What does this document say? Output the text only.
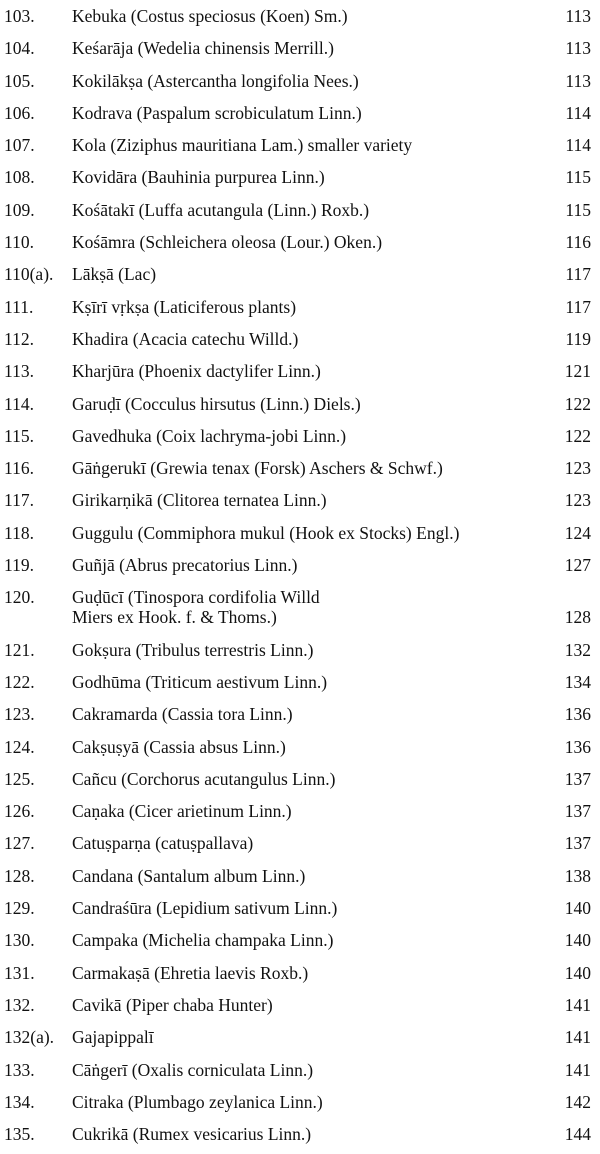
103. Kebuka (Costus speciosus (Koen) Sm.)	113
104. Keśarāja (Wedelia chinensis Merrill.)	113
105. Kokilākṣa (Astercantha longifolia Nees.)	113
106. Kodrava (Paspalum scrobiculatum Linn.)	114
107. Kola (Ziziphus mauritiana Lam.) smaller variety	114
108. Kovidāra (Bauhinia purpurea Linn.)	115
109. Kośātakī (Luffa acutangula (Linn.) Roxb.)	115
110. Kośāmra (Schleichera oleosa (Lour.) Oken.)	116
110(a). Lākṣā (Lac)	117
111. Kṣīrī vṛkṣa (Laticiferous plants)	117
112. Khadira (Acacia catechu Willd.)	119
113. Kharjūra (Phoenix dactylifer Linn.)	121
114. Garuḍī (Cocculus hirsutus (Linn.) Diels.)	122
115. Gavedhuka (Coix lachryma-jobi Linn.)	122
116. Gāṅgerukī (Grewia tenax (Forsk) Aschers & Schwf.)	123
117. Girikarṇikā (Clitorea ternatea Linn.)	123
118. Guggulu (Commiphora mukul (Hook ex Stocks) Engl.)	124
119. Guñjā (Abrus precatorius Linn.)	127
120. Guḍūcī (Tinospora cordifolia Willd
Miers ex Hook. f. & Thoms.)	128
121. Gokṣura (Tribulus terrestris Linn.)	132
122. Godhūma (Triticum aestivum Linn.)	134
123. Cakramarda (Cassia tora Linn.)	136
124. Cakṣuṣyā (Cassia absus Linn.)	136
125. Cañcu (Corchorus acutangulus Linn.)	137
126. Caṇaka (Cicer arietinum Linn.)	137
127. Catuṣparṇa (catuṣpallava)	137
128. Candana (Santalum album Linn.)	138
129. Candraśūra (Lepidium sativum Linn.)	140
130. Campaka (Michelia champaka Linn.)	140
131. Carmakaṣā (Ehretia laevis Roxb.)	140
132. Cavikā (Piper chaba Hunter)	141
132(a). Gajapippalī	141
133. Cāṅgerī (Oxalis corniculata Linn.)	141
134. Citraka (Plumbago zeylanica Linn.)	142
135. Cukrikā (Rumex vesicarius Linn.)	144
